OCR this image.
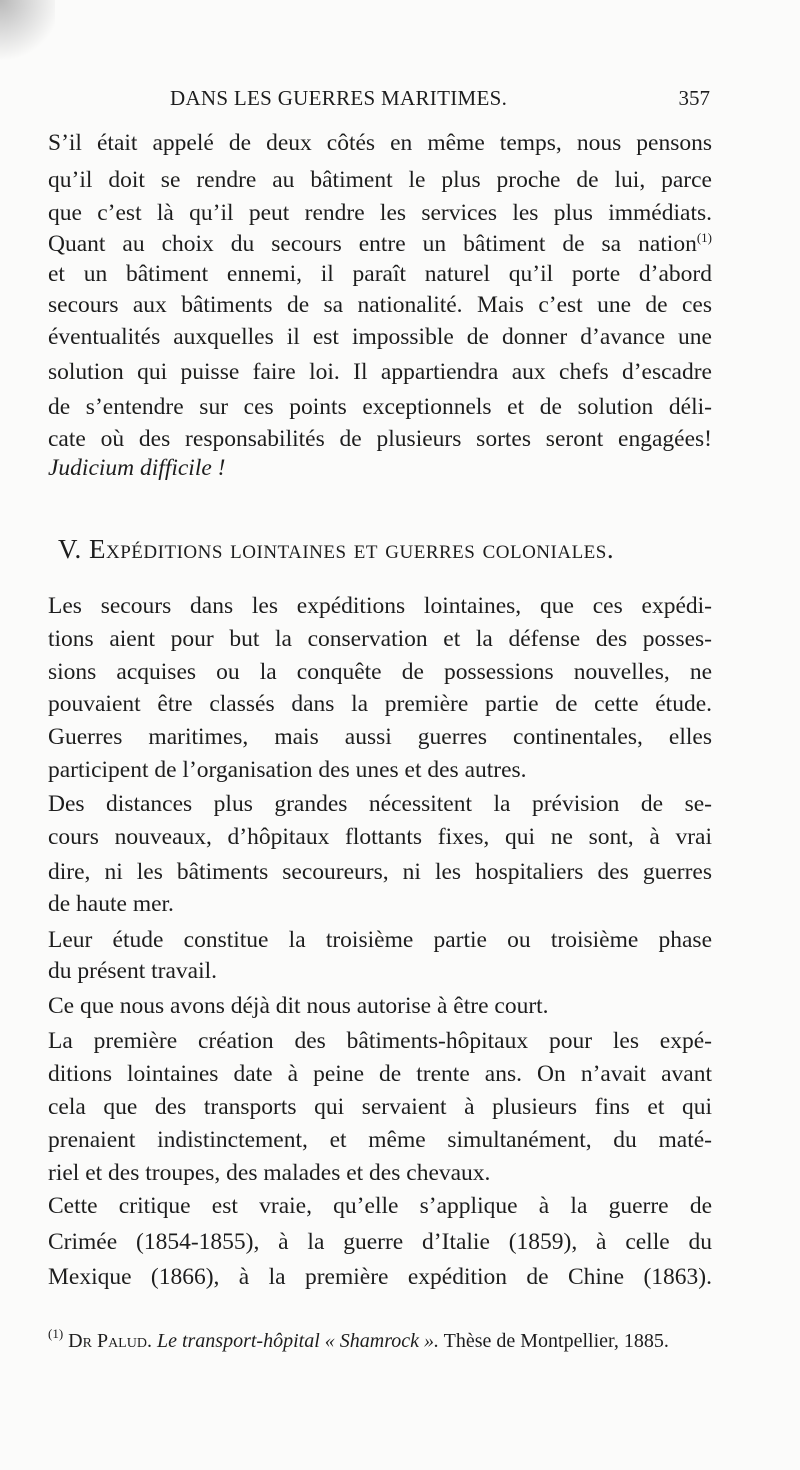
DANS LES GUERRES MARITIMES.	357
S’il était appelé de deux côtés en même temps, nous pensons
qu’il doit se rendre au bâtiment le plus proche de lui, parce
que c’est là qu’il peut rendre les services les plus immédiats.
Quant au choix du secours entre un bâtiment de sa nation$^{(1)}$
et un bâtiment ennemi, il paraît naturel qu’il porte d’abord
secours aux bâtiments de sa nationalité. Mais c’est une de ces
éventualités auxquelles il est impossible de donner d’avance une
solution qui puisse faire loi. Il appartiendra aux chefs d’escadre
de s’entendre sur ces points exceptionnels et de solution déli-
cate où des responsabilités de plusieurs sortes seront engagées!
Judicium difficile !
V. Expéditions lointaines et guerres coloniales.
Les secours dans les expéditions lointaines, que ces expédi-
tions aient pour but la conservation et la défense des posses-
sions acquises ou la conquête de possessions nouvelles, ne
pouvaient être classés dans la première partie de cette étude.
Guerres maritimes, mais aussi guerres continentales, elles
participent de l’organisation des unes et des autres.
Des distances plus grandes nécessitent la prévision de se-
cours nouveaux, d’hôpitaux flottants fixes, qui ne sont, à vrai
dire, ni les bâtiments secoureurs, ni les hospitaliers des guerres
de haute mer.
Leur étude constitue la troisième partie ou troisième phase
du présent travail.
Ce que nous avons déjà dit nous autorise à être court.
La première création des bâtiments-hôpitaux pour les expé-
ditions lointaines date à peine de trente ans. On n’avait avant
cela que des transports qui servaient à plusieurs fins et qui
prenaient indistinctement, et même simultanément, du maté-
riel et des troupes, des malades et des chevaux.
Cette critique est vraie, qu’elle s’applique à la guerre de
Crimée (1854-1855), à la guerre d’Italie (1859), à celle du
Mexique (1866), à la première expédition de Chine (1863).
$^{(1)}$ Dr Palud. Le transport-hôpital « Shamrock ». Thèse de Montpellier, 1885.
